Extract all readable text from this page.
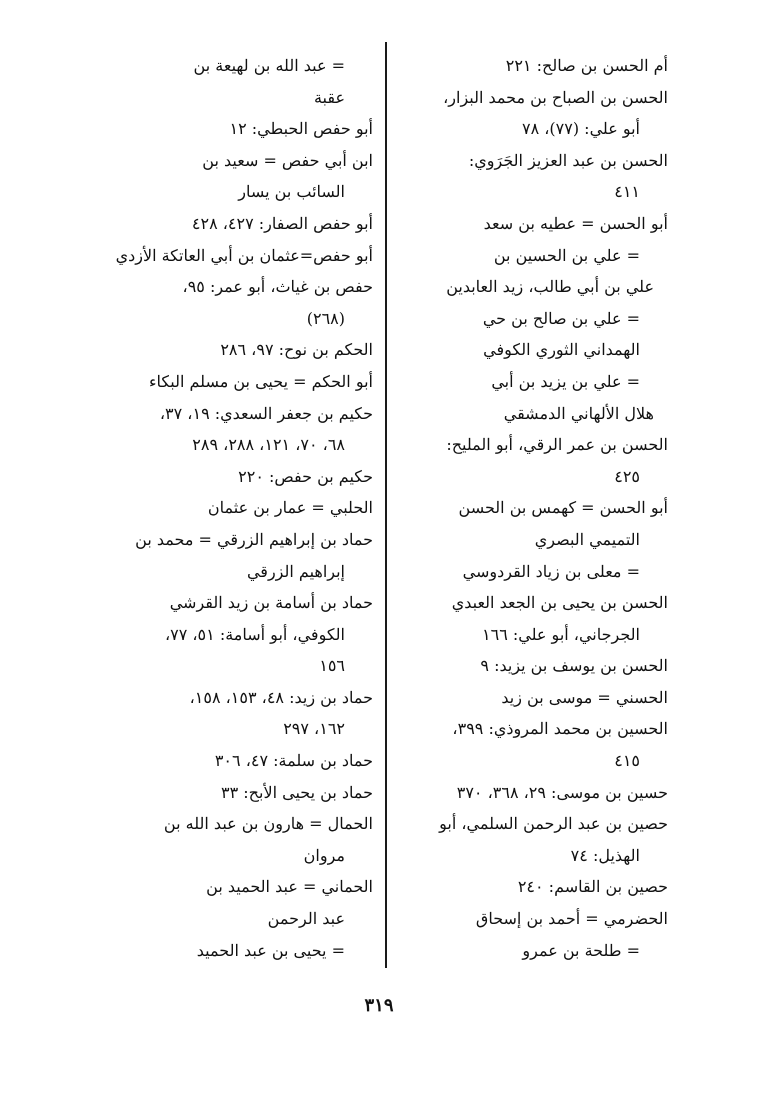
أم الحسن بن صالح: ٢٢١
الحسن بن الصباح بن محمد البزار،
أبو علي: (٧٧)، ٧٨
الحسن بن عبد العزيز الجَرَوي:
٤١١
أبو الحسن = عطيه بن سعد
= علي بن الحسين بن
علي بن أبي طالب، زيد العابدين
= علي بن صالح بن حي
الهمداني الثوري الكوفي
= علي بن يزيد بن أبي
هلال الألهاني الدمشقي
الحسن بن عمر الرقي، أبو المليح:
٤٢٥
أبو الحسن = كهمس بن الحسن
التميمي البصري
= معلى بن زياد القردوسي
الحسن بن يحيى بن الجعد العبدي
الجرجاني، أبو علي: ١٦٦
الحسن بن يوسف بن يزيد: ٩
الحسني = موسى بن زيد
الحسين بن محمد المروذي: ٣٩٩،
٤١٥
حسين بن موسى: ٢٩، ٣٦٨، ٣٧٠
حصين بن عبد الرحمن السلمي، أبو
الهذيل: ٧٤
حصين بن القاسم: ٢٤٠
الحضرمي = أحمد بن إسحاق
= طلحة بن عمرو
= عبد الله بن لهيعة بن
عقبة
أبو حفص الحبطي: ١٢
ابن أبي حفص = سعيد بن
السائب بن يسار
أبو حفص الصفار: ٤٢٧، ٤٢٨
أبو حفص=عثمان بن أبي العاتكة الأزدي
حفص بن غياث، أبو عمر: ٩٥،
(٢٦٨)
الحكم بن نوح: ٩٧، ٢٨٦
أبو الحكم = يحيى بن مسلم البكاء
حكيم بن جعفر السعدي: ١٩، ٣٧،
٦٨، ٧٠، ١٢١، ٢٨٨، ٢٨٩
حكيم بن حفص: ٢٢٠
الحلبي = عمار بن عثمان
حماد بن إبراهيم الزرقي = محمد بن
إبراهيم الزرقي
حماد بن أسامة بن زيد القرشي
الكوفي، أبو أسامة: ٥١، ٧٧،
١٥٦
حماد بن زيد: ٤٨، ١٥٣، ١٥٨،
١٦٢، ٢٩٧
حماد بن سلمة: ٤٧، ٣٠٦
حماد بن يحيى الأبح: ٣٣
الحمال = هارون بن عبد الله بن
مروان
الحماني = عبد الحميد بن
عبد الرحمن
= يحيى بن عبد الحميد
٣١٩
